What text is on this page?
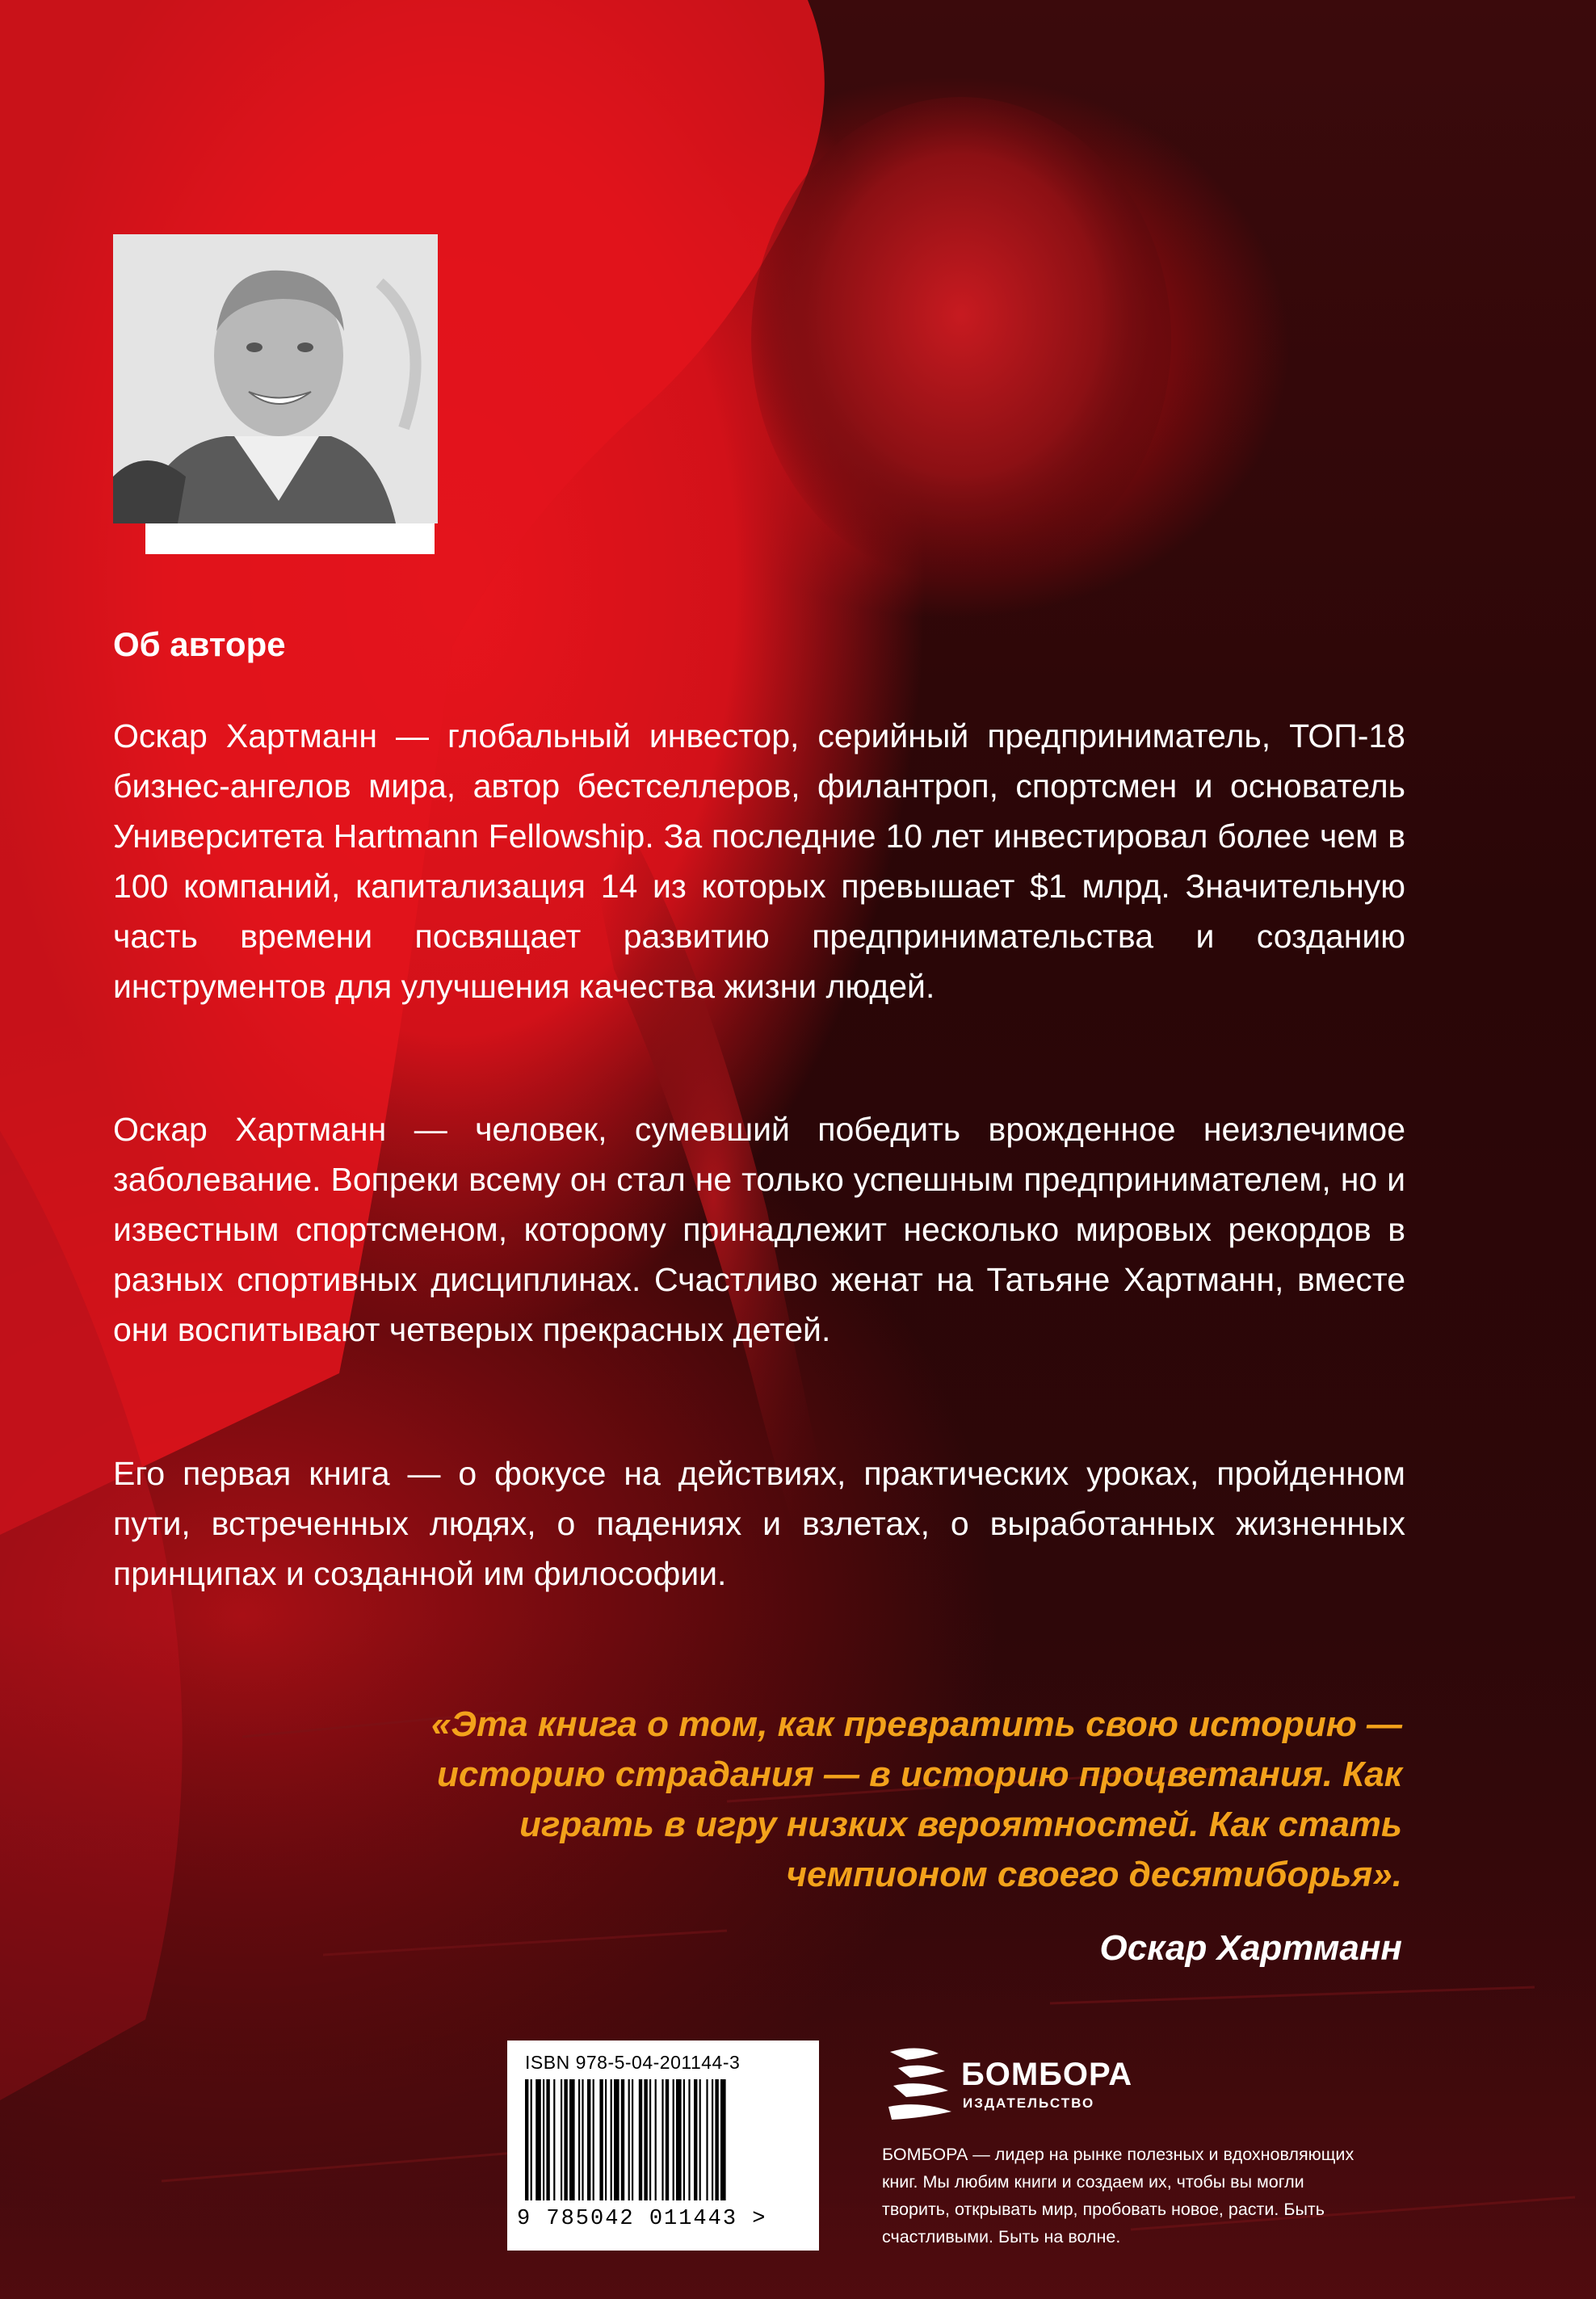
Об авторе
Оскар Хартманн — глобальный инвестор, серийный предприниматель, ТОП-18 бизнес-ангелов мира, автор бестселлеров, филантроп, спортсмен и основатель Университета Hartmann Fellowship. За последние 10 лет инвестировал более чем в 100 компаний, капитализация 14 из которых превышает $1 млрд. Значительную часть времени посвящает развитию предпринимательства и созданию инструментов для улучшения качества жизни людей.
Оскар Хартманн — человек, сумевший победить врожденное неизлечимое заболевание. Вопреки всему он стал не только успешным предпринимателем, но и известным спортсменом, которому принадлежит несколько мировых рекордов в разных спортивных дисциплинах. Счастливо женат на Татьяне Хартманн, вместе они воспитывают четверых прекрасных детей.
Его первая книга — о фокусе на действиях, практических уроках, пройденном пути, встреченных людях, о падениях и взлетах, о выработанных жизненных принципах и созданной им философии.
«Эта книга о том, как превратить свою историю — историю страдания — в историю процветания. Как играть в игру низких вероятностей. Как стать чемпионом своего десятиборья».
Оскар Хартманн
ISBN 978-5-04-201144-3
9 785042 011443 >
БОМБОРА
ИЗДАТЕЛЬСТВО
БОМБОРА — лидер на рынке полезных и вдохновляющих книг. Мы любим книги и создаем их, чтобы вы могли творить, открывать мир, пробовать новое, расти. Быть счастливыми. Быть на волне.
